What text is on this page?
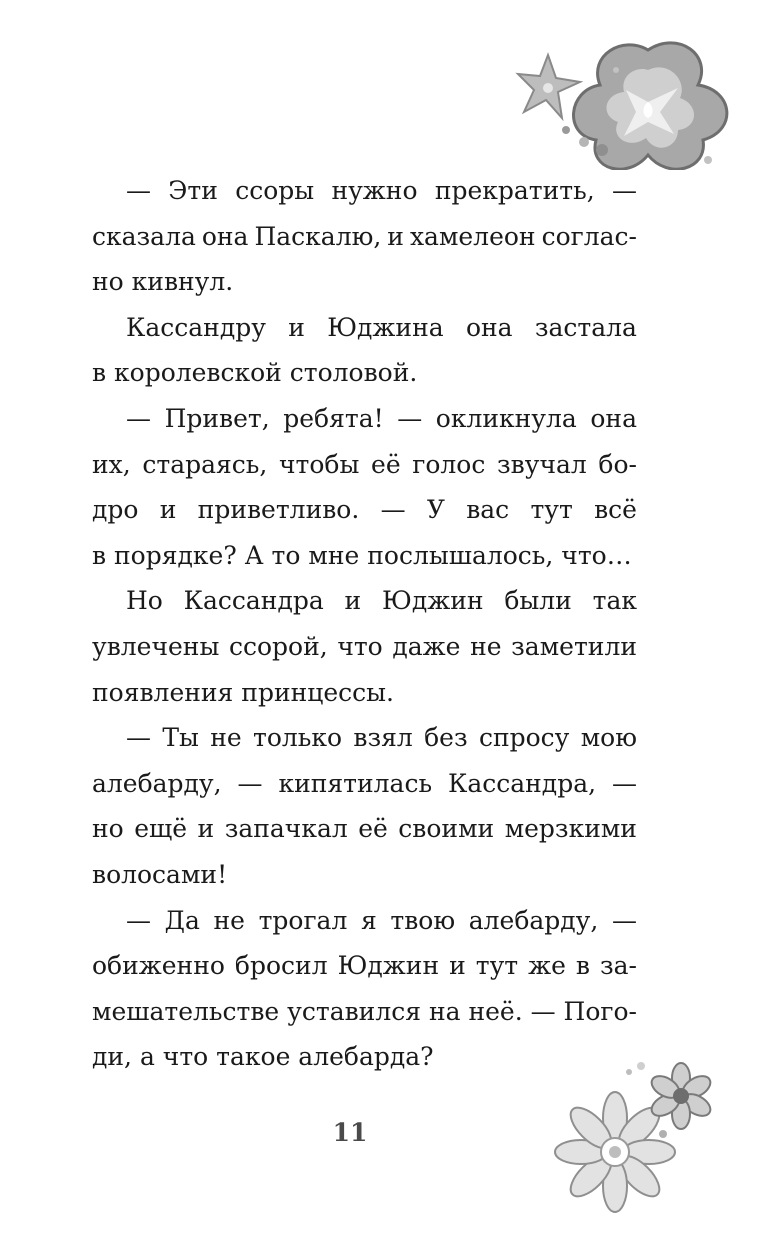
— Эти ссоры нужно прекратить, —
сказала она Паскалю, и хамелеон соглас-
но кивнул.
Кассандру и Юджина она застала
в королевской столовой.
— Привет, ребята! — окликнула она
их, стараясь, чтобы её голос звучал бо-
дро и приветливо. — У вас тут всё
в порядке? А то мне послышалось, что…
Но Кассандра и Юджин были так
увлечены ссорой, что даже не заметили
появления принцессы.
— Ты не только взял без спросу мою
алебарду, — кипятилась Кассандра, —
но ещё и запачкал её своими мерзкими
волосами!
— Да не трогал я твою алебарду, —
обиженно бросил Юджин и тут же в за-
мешательстве уставился на неё. — Пого-
ди, а что такое алебарда?
11
